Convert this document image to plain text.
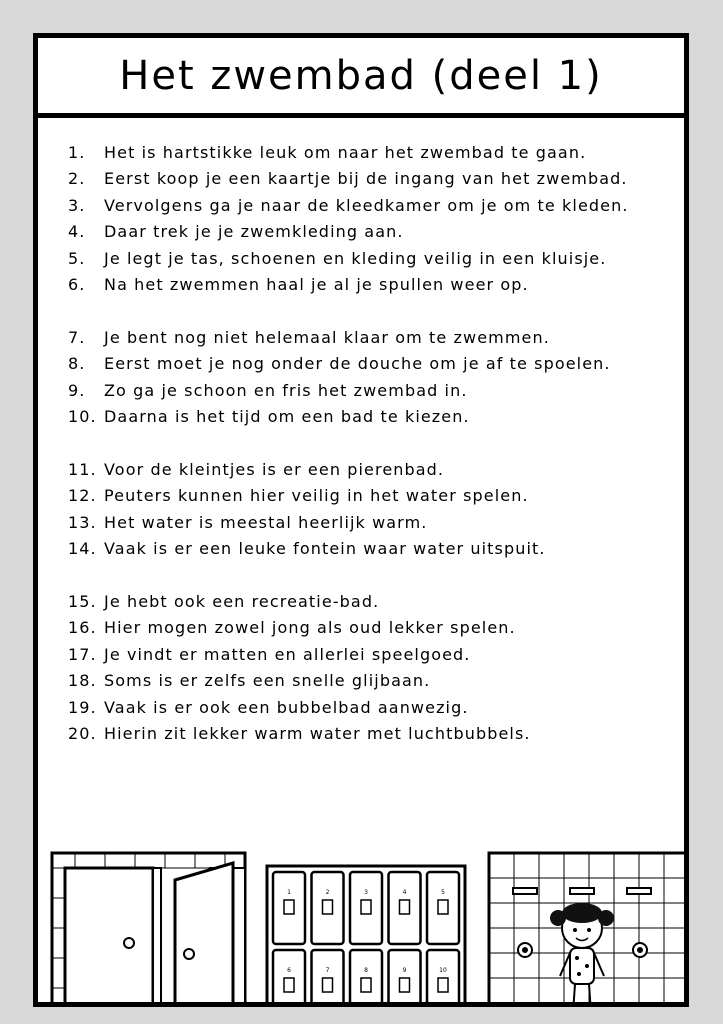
Het zwembad (deel 1)
1.	Het is hartstikke leuk om naar het zwembad te gaan.
2.	Eerst koop je een kaartje bij de ingang van het zwembad.
3.	Vervolgens ga je naar de kleedkamer om je om te kleden.
4.	Daar trek je je zwemkleding aan.
5.	Je legt je tas, schoenen en kleding veilig in een kluisje.
6.	Na het zwemmen haal je al je spullen weer op.
7.	Je bent nog niet helemaal klaar om te zwemmen.
8.	Eerst moet je nog onder de douche om je af te spoelen.
9.	Zo ga je schoon en fris het zwembad in.
10. Daarna is het tijd om een bad te kiezen.
11. Voor de kleintjes is er een pierenbad.
12. Peuters kunnen hier veilig in het water spelen.
13. Het water is meestal heerlijk warm.
14. Vaak is er een leuke fontein waar water uitspuit.
15. Je hebt ook een recreatie-bad.
16. Hier mogen zowel jong als oud lekker spelen.
17. Je vindt er matten en allerlei speelgoed.
18. Soms is er zelfs een snelle glijbaan.
19. Vaak is er ook een bubbelbad aanwezig.
20. Hierin zit lekker warm water met luchtbubbels.
1	2	3	4	5
6	7	8	9	10
